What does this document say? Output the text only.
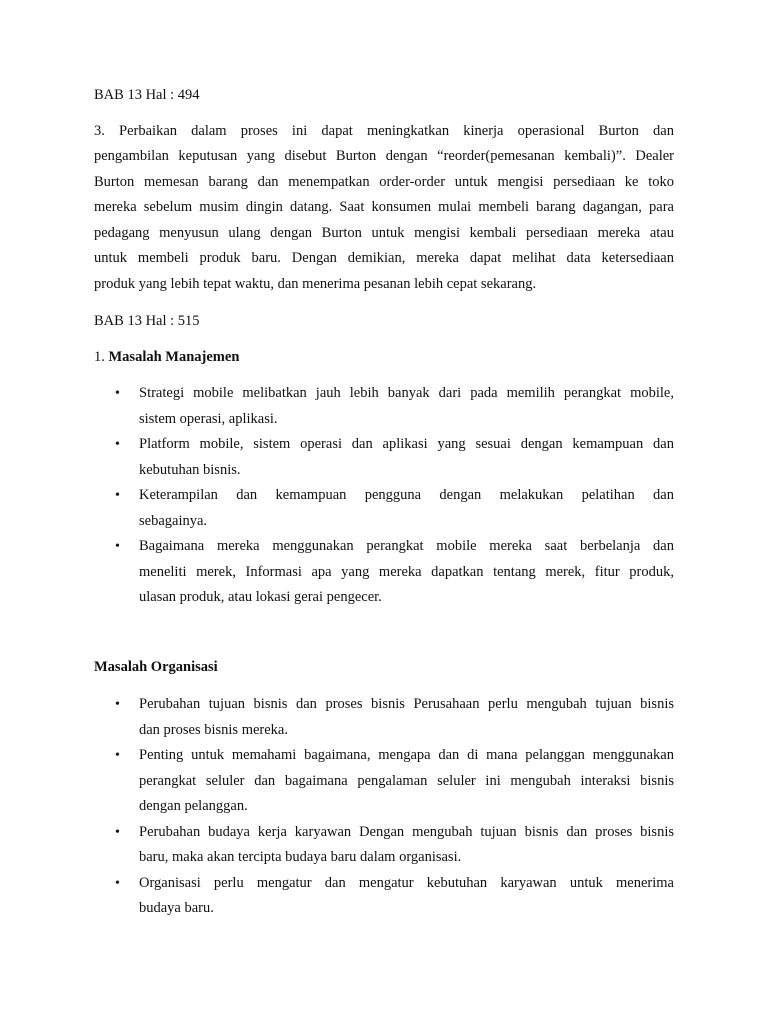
BAB 13 Hal : 494
3. Perbaikan dalam proses ini dapat meningkatkan kinerja operasional Burton dan
pengambilan keputusan yang disebut Burton dengan “reorder(pemesanan kembali)”. Dealer
Burton memesan barang dan menempatkan order-order untuk mengisi persediaan ke toko
mereka sebelum musim dingin datang. Saat konsumen mulai membeli barang dagangan, para
pedagang menyusun ulang dengan Burton untuk mengisi kembali persediaan mereka atau
untuk membeli produk baru. Dengan demikian, mereka dapat melihat data ketersediaan
produk yang lebih tepat waktu, dan menerima pesanan lebih cepat sekarang.
BAB 13 Hal : 515
1. Masalah Manajemen
•	Strategi mobile melibatkan jauh lebih banyak dari pada memilih perangkat mobile,
sistem operasi, aplikasi.
•	Platform mobile, sistem operasi dan aplikasi yang sesuai dengan kemampuan dan
kebutuhan bisnis.
•	Keterampilan dan kemampuan pengguna dengan melakukan pelatihan dan
sebagainya.
•	Bagaimana mereka menggunakan perangkat mobile mereka saat berbelanja dan
meneliti merek, Informasi apa yang mereka dapatkan tentang merek, fitur produk,
ulasan produk, atau lokasi gerai pengecer.
Masalah Organisasi
•	Perubahan tujuan bisnis dan proses bisnis Perusahaan perlu mengubah tujuan bisnis
dan proses bisnis mereka.
•	Penting untuk memahami bagaimana, mengapa dan di mana pelanggan menggunakan
perangkat seluler dan bagaimana pengalaman seluler ini mengubah interaksi bisnis
dengan pelanggan.
•	Perubahan budaya kerja karyawan Dengan mengubah tujuan bisnis dan proses bisnis
baru, maka akan tercipta budaya baru dalam organisasi.
•	Organisasi perlu mengatur dan mengatur kebutuhan karyawan untuk menerima
budaya baru.
